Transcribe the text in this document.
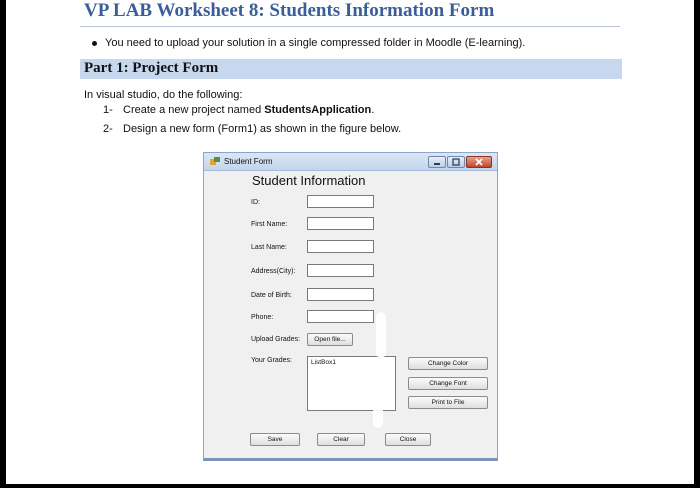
VP LAB Worksheet 8: Students Information Form
You need to upload your solution in a single compressed folder in Moodle (E-learning).
Part 1: Project Form
In visual studio, do the following:
1- Create a new project named StudentsApplication.
2- Design a new form (Form1) as shown in the figure below.
Student Form
Student Information
ID:
First Name:
Last Name:
Address(City):
Date of Birth:
Phone:
Upload Grades:	Open file...
Your Grades:	ListBox1	Change Color
Change Font
Print to File
Save	Clear	Close
